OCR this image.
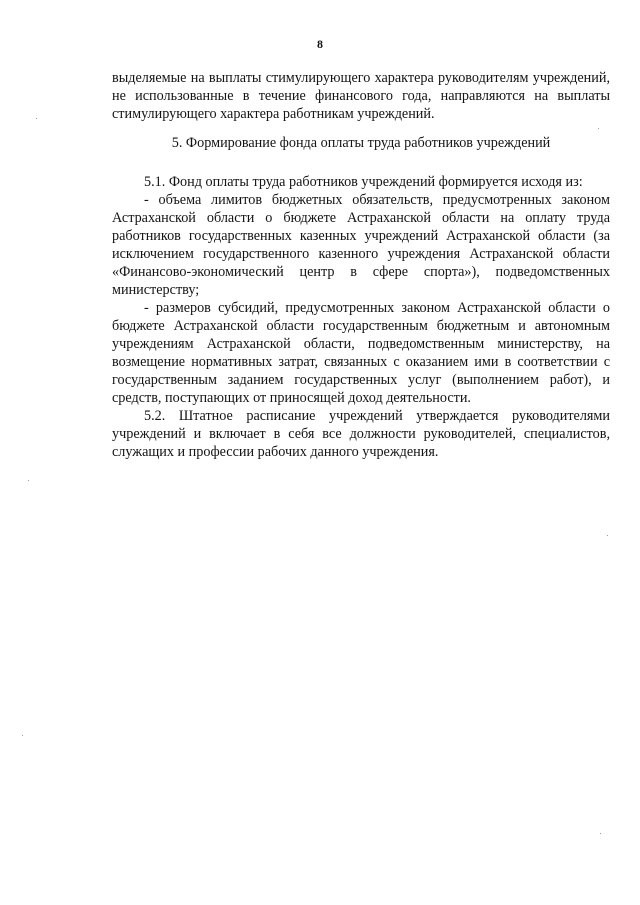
8

выделяемые на выплаты стимулирующего характера руководителям учреждений, не использованные в течение финансового года, направляются на выплаты стимулирующего характера работникам учреждений.

5. Формирование фонда оплаты труда работников учреждений

5.1. Фонд оплаты труда работников учреждений формируется исходя из:

- объема лимитов бюджетных обязательств, предусмотренных законом Астраханской области о бюджете Астраханской области на оплату труда работников государственных казенных учреждений Астраханской области (за исключением государственного казенного учреждения Астраханской области «Финансово-экономический центр в сфере спорта»), подведомственных министерству;

- размеров субсидий, предусмотренных законом Астраханской области о бюджете Астраханской области государственным бюджетным и автономным учреждениям Астраханской области, подведомственным министерству, на возмещение нормативных затрат, связанных с оказанием ими в соответствии с государственным заданием государственных услуг (выполнением работ), и средств, поступающих от приносящей доход деятельности.

5.2. Штатное расписание учреждений утверждается руководителями учреждений и включает в себя все должности руководителей, специалистов, служащих и профессии рабочих данного учреждения.
